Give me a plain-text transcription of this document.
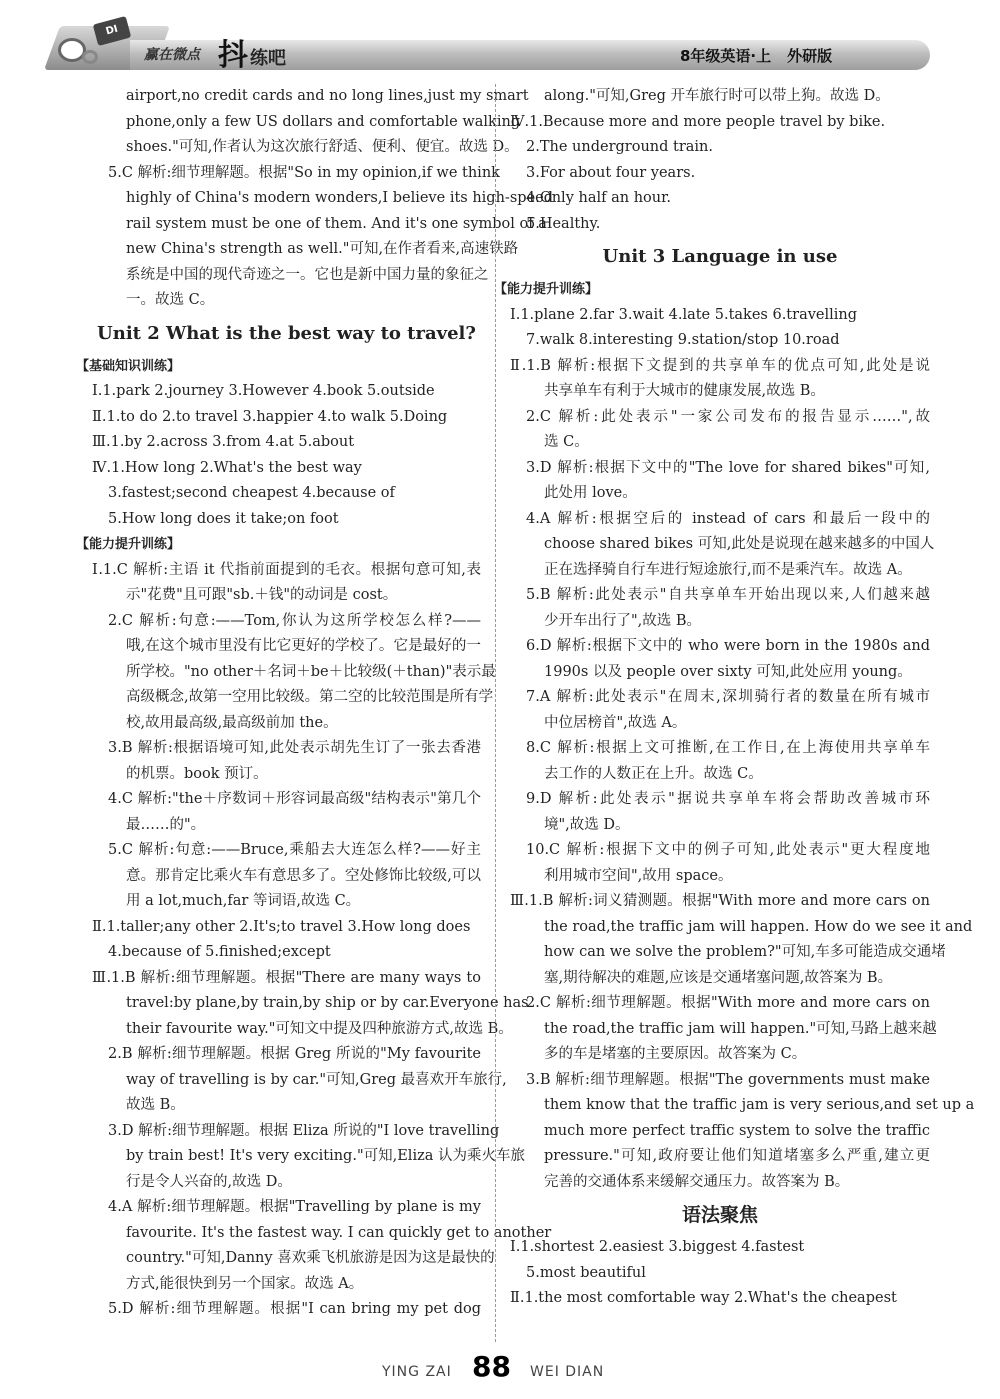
DI
赢在微点 抖 练吧	8年级英语·上 外研版
airport,no credit cards and no long lines,just my smart
phone,only a few US dollars and comfortable walking
shoes."可知,作者认为这次旅行舒适、便利、便宜。故选 D。
5.C 解析:细节理解题。根据"So in my opinion,if we think
highly of China's modern wonders,I believe its high-speed
rail system must be one of them. And it's one symbol of a
new China's strength as well."可知,在作者看来,高速铁路
系统是中国的现代奇迹之一。它也是新中国力量的象征之
一。故选 C。
Unit 2 What is the best way to travel?
【基础知识训练】
Ⅰ.1.park 2.journey 3.However 4.book 5.outside
Ⅱ.1.to do 2.to travel 3.happier 4.to walk 5.Doing
Ⅲ.1.by 2.across 3.from 4.at 5.about
Ⅳ.1.How long 2.What's the best way
3.fastest;second cheapest 4.because of
5.How long does it take;on foot
【能力提升训练】
Ⅰ.1.C 解析:主语 it 代指前面提到的毛衣。根据句意可知,表
示"花费"且可跟"sb.＋钱"的动词是 cost。
2.C 解析:句意:——Tom,你认为这所学校怎么样?——
哦,在这个城市里没有比它更好的学校了。它是最好的一
所学校。"no other＋名词＋be＋比较级(＋than)"表示最
高级概念,故第一空用比较级。第二空的比较范围是所有学
校,故用最高级,最高级前加 the。
3.B 解析:根据语境可知,此处表示胡先生订了一张去香港
的机票。book 预订。
4.C 解析:"the＋序数词＋形容词最高级"结构表示"第几个
最……的"。
5.C 解析:句意:——Bruce,乘船去大连怎么样?——好主
意。那肯定比乘火车有意思多了。空处修饰比较级,可以
用 a lot,much,far 等词语,故选 C。
Ⅱ.1.taller;any other 2.It's;to travel 3.How long does
4.because of 5.finished;except
Ⅲ.1.B 解析:细节理解题。根据"There are many ways to
travel:by plane,by train,by ship or by car.Everyone has
their favourite way."可知文中提及四种旅游方式,故选 B。
2.B 解析:细节理解题。根据 Greg 所说的"My favourite
way of travelling is by car."可知,Greg 最喜欢开车旅行,
故选 B。
3.D 解析:细节理解题。根据 Eliza 所说的"I love travelling
by train best! It's very exciting."可知,Eliza 认为乘火车旅
行是令人兴奋的,故选 D。
4.A 解析:细节理解题。根据"Travelling by plane is my
favourite. It's the fastest way. I can quickly get to another
country."可知,Danny 喜欢乘飞机旅游是因为这是最快的
方式,能很快到另一个国家。故选 A。
5.D 解析:细节理解题。根据"I can bring my pet dog
along."可知,Greg 开车旅行时可以带上狗。故选 D。
Ⅳ.1.Because more and more people travel by bike.
2.The underground train.
3.For about four years.
4.Only half an hour.
5.Healthy.
Unit 3 Language in use
【能力提升训练】
Ⅰ.1.plane 2.far 3.wait 4.late 5.takes 6.travelling
7.walk 8.interesting 9.station/stop 10.road
Ⅱ.1.B 解析:根据下文提到的共享单车的优点可知,此处是说
共享单车有利于大城市的健康发展,故选 B。
2.C 解析:此处表示"一家公司发布的报告显示……",故
选 C。
3.D 解析:根据下文中的"The love for shared bikes"可知,
此处用 love。
4.A 解析:根据空后的 instead of cars 和最后一段中的
choose shared bikes 可知,此处是说现在越来越多的中国人
正在选择骑自行车进行短途旅行,而不是乘汽车。故选 A。
5.B 解析:此处表示"自共享单车开始出现以来,人们越来越
少开车出行了",故选 B。
6.D 解析:根据下文中的 who were born in the 1980s and
1990s 以及 people over sixty 可知,此处应用 young。
7.A 解析:此处表示"在周末,深圳骑行者的数量在所有城市
中位居榜首",故选 A。
8.C 解析:根据上文可推断,在工作日,在上海使用共享单车
去工作的人数正在上升。故选 C。
9.D 解析:此处表示"据说共享单车将会帮助改善城市环
境",故选 D。
10.C 解析:根据下文中的例子可知,此处表示"更大程度地
利用城市空间",故用 space。
Ⅲ.1.B 解析:词义猜测题。根据"With more and more cars on
the road,the traffic jam will happen. How do we see it and
how can we solve the problem?"可知,车多可能造成交通堵
塞,期待解决的难题,应该是交通堵塞问题,故答案为 B。
2.C 解析:细节理解题。根据"With more and more cars on
the road,the traffic jam will happen."可知,马路上越来越
多的车是堵塞的主要原因。故答案为 C。
3.B 解析:细节理解题。根据"The governments must make
them know that the traffic jam is very serious,and set up a
much more perfect traffic system to solve the traffic
pressure."可知,政府要让他们知道堵塞多么严重,建立更
完善的交通体系来缓解交通压力。故答案为 B。
语法聚焦
Ⅰ.1.shortest 2.easiest 3.biggest 4.fastest
5.most beautiful
Ⅱ.1.the most comfortable way 2.What's the cheapest
YING ZAI 88 WEI DIAN
